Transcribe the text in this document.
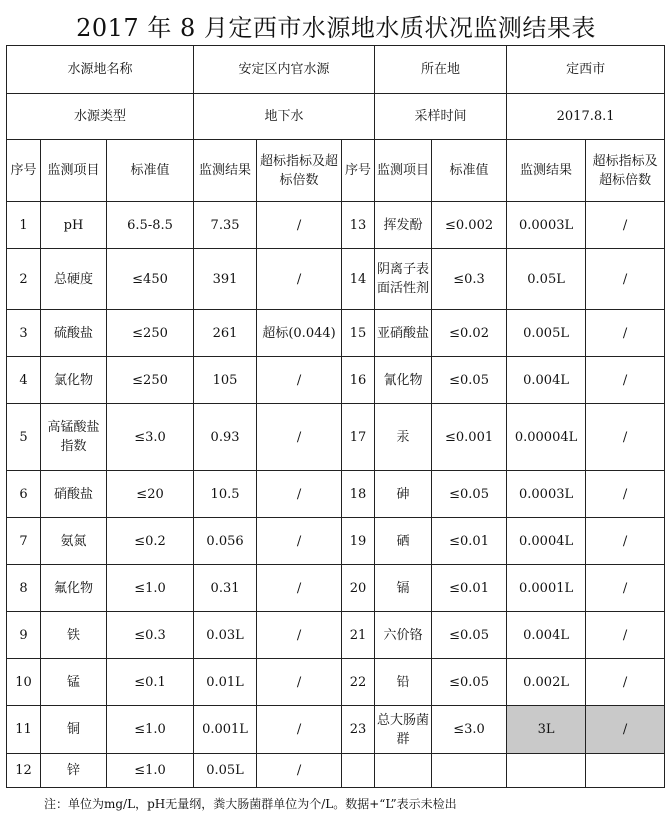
2017 年 8 月定西市水源地水质状况监测结果表
水源地名称			安定区内官水源			所在地		定西市	
水源类型			地下水			采样时间		2017.8.1	
序号	监测项目	标准值	监测结果	超标指标及超标倍数	序号	监测项目	标准值	监测结果	超标指标及超标倍数
1	pH	6.5-8.5	7.35	/	13	挥发酚	≤0.002	0.0003L	/
2	总硬度	≤450	391	/	14	阴离子表面活性剂	≤0.3	0.05L	/
3	硫酸盐	≤250	261	超标(0.044)	15	亚硝酸盐	≤0.02	0.005L	/
4	氯化物	≤250	105	/	16	氰化物	≤0.05	0.004L	/
5	高锰酸盐指数	≤3.0	0.93	/	17	汞	≤0.001	0.00004L	/
6	硝酸盐	≤20	10.5	/	18	砷	≤0.05	0.0003L	/
7	氨氮	≤0.2	0.056	/	19	硒	≤0.01	0.0004L	/
8	氟化物	≤1.0	0.31	/	20	镉	≤0.01	0.0001L	/
9	铁	≤0.3	0.03L	/	21	六价铬	≤0.05	0.004L	/
10	锰	≤0.1	0.01L	/	22	铅	≤0.05	0.002L	/
11	铜	≤1.0	0.001L	/	23	总大肠菌群	≤3.0	3L	/
12	锌	≤1.0	0.05L	/					
注：单位为mg/L，pH无量纲，粪大肠菌群单位为个/L。数据+“L”表示未检出
